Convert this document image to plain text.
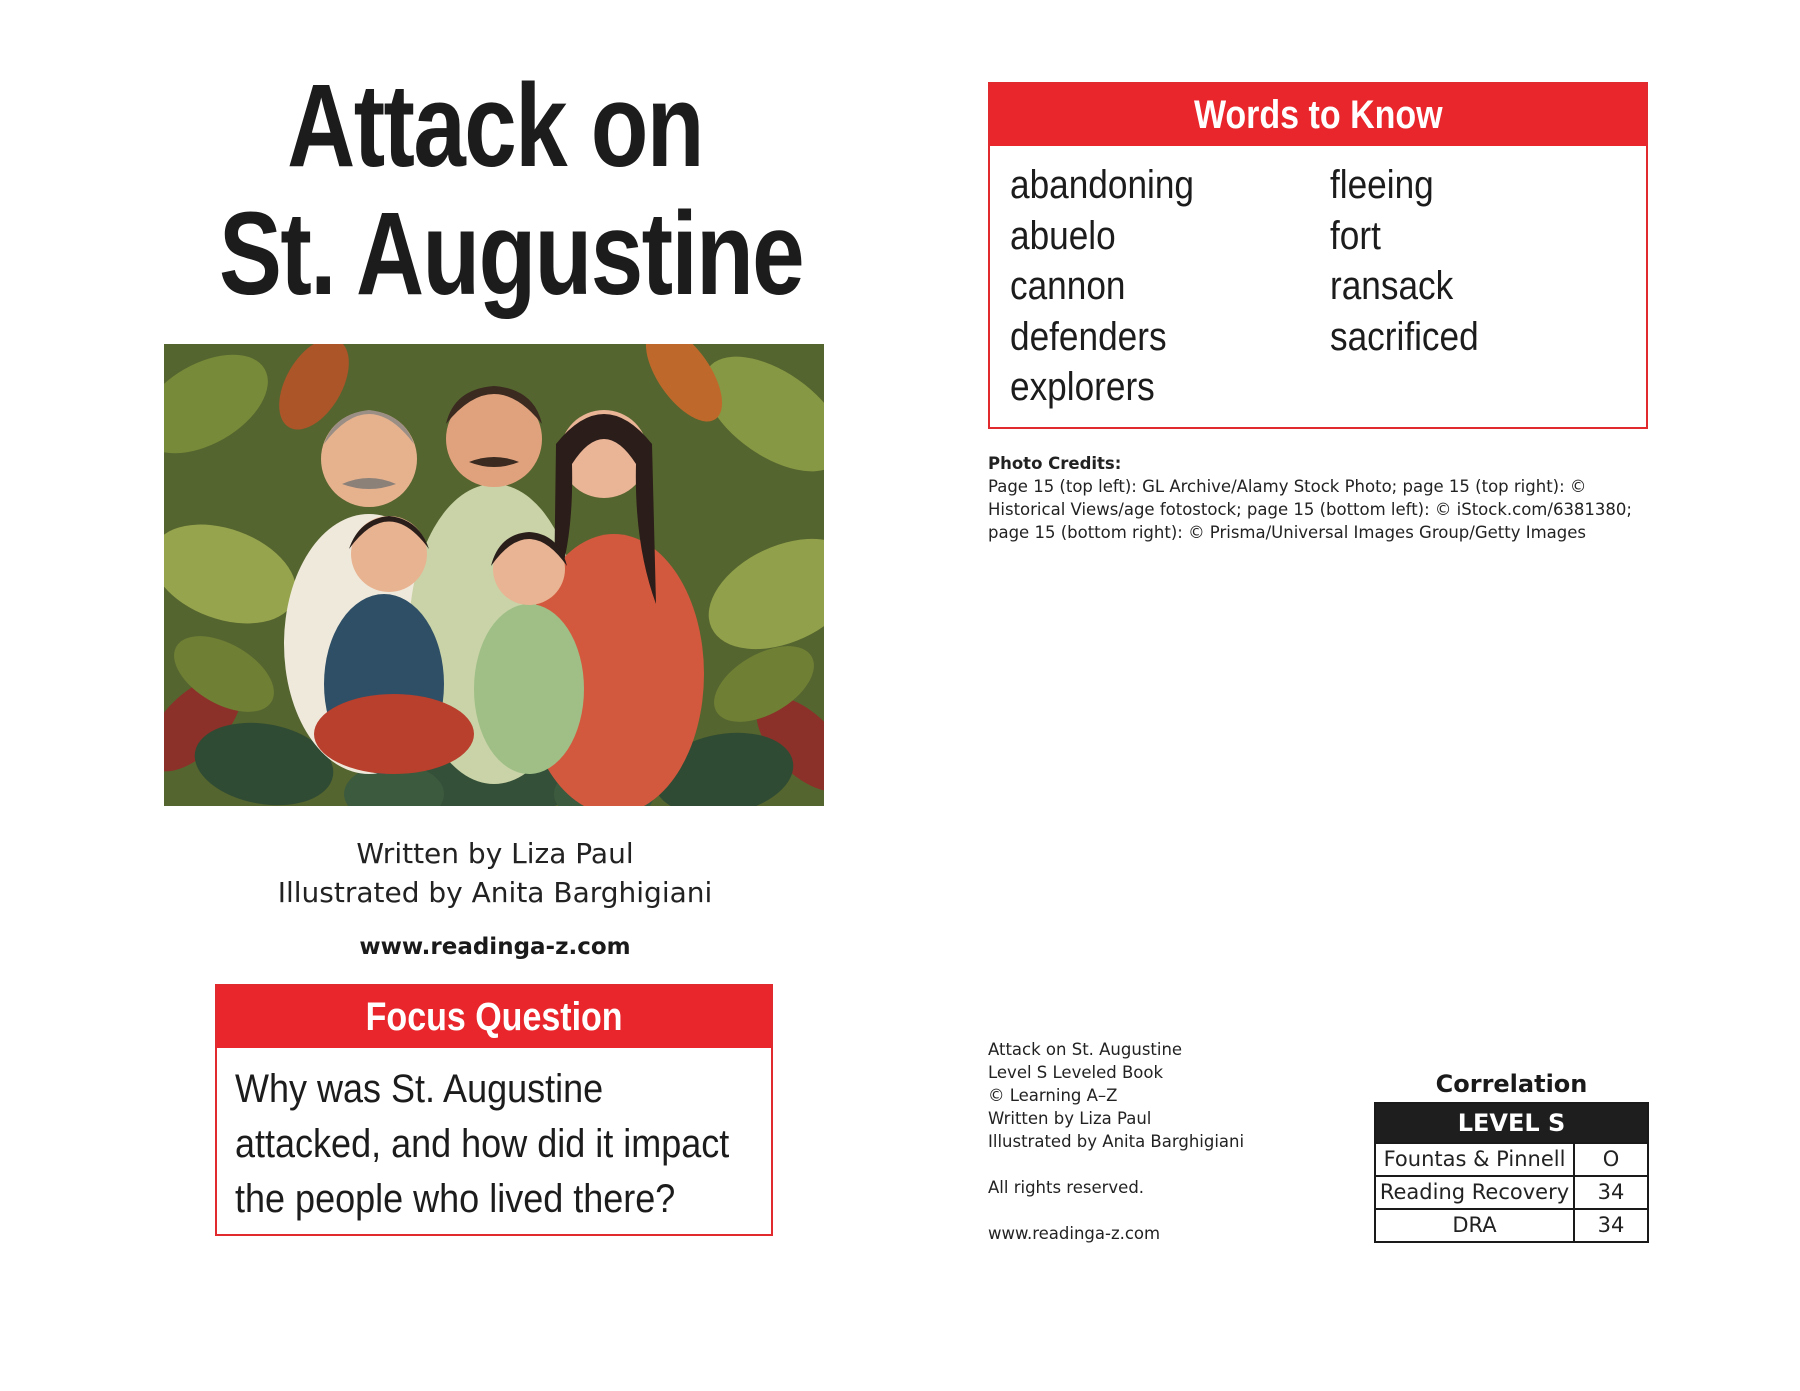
Attack on
St. Augustine
Written by Liza Paul
Illustrated by Anita Barghigiani
www.readinga-z.com
Focus Question
Why was St. Augustine attacked, and how did it impact the people who lived there?
Words to Know
abandoning
abuelo
cannon
defenders
explorers
fleeing
fort
ransack
sacrificed
Photo Credits:
Page 15 (top left): GL Archive/Alamy Stock Photo; page 15 (top right): © Historical Views/age fotostock; page 15 (bottom left): © iStock.com/6381380; page 15 (bottom right): © Prisma/Universal Images Group/Getty Images
Attack on St. Augustine
Level S Leveled Book
© Learning A–Z
Written by Liza Paul
Illustrated by Anita Barghigiani
All rights reserved.
www.readinga-z.com
Correlation
LEVEL S
Fountas & Pinnell	O
Reading Recovery	34
DRA	34
